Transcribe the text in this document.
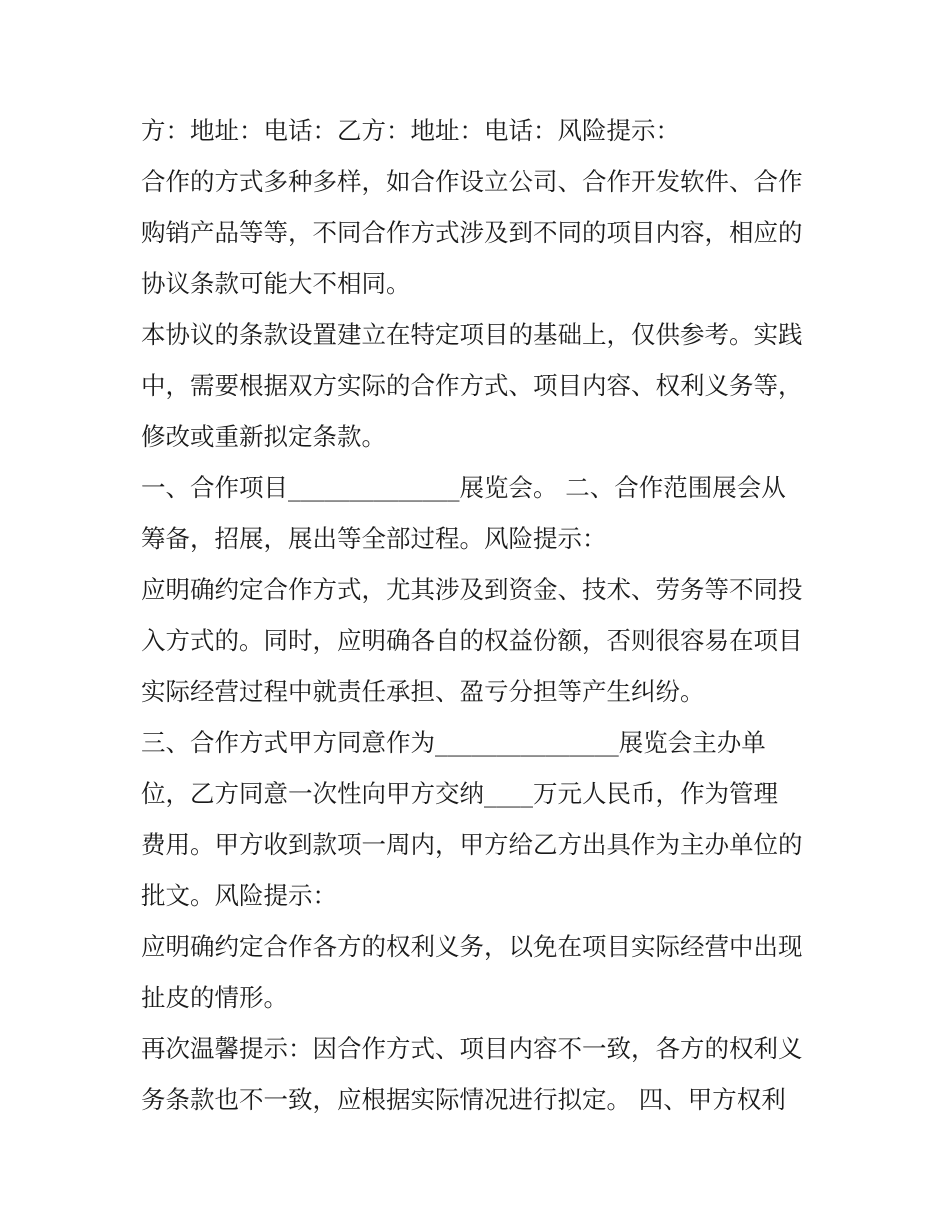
方：地址：电话：乙方：地址：电话：风险提示：

合作的方式多种多样，如合作设立公司、合作开发软件、合作
购销产品等等，不同合作方式涉及到不同的项目内容，相应的
协议条款可能大不相同。

本协议的条款设置建立在特定项目的基础上，仅供参考。实践
中，需要根据双方实际的合作方式、项目内容、权利义务等，
修改或重新拟定条款。

一、合作项目______________展览会。 二、合作范围展会从
筹备，招展，展出等全部过程。风险提示：

应明确约定合作方式，尤其涉及到资金、技术、劳务等不同投
入方式的。同时，应明确各自的权益份额，否则很容易在项目
实际经营过程中就责任承担、盈亏分担等产生纠纷。

三、合作方式甲方同意作为_______________展览会主办单
位，乙方同意一次性向甲方交纳____万元人民币，作为管理
费用。甲方收到款项一周内，甲方给乙方出具作为主办单位的
批文。风险提示：

应明确约定合作各方的权利义务，以免在项目实际经营中出现
扯皮的情形。

再次温馨提示：因合作方式、项目内容不一致，各方的权利义
务条款也不一致，应根据实际情况进行拟定。 四、甲方权利
